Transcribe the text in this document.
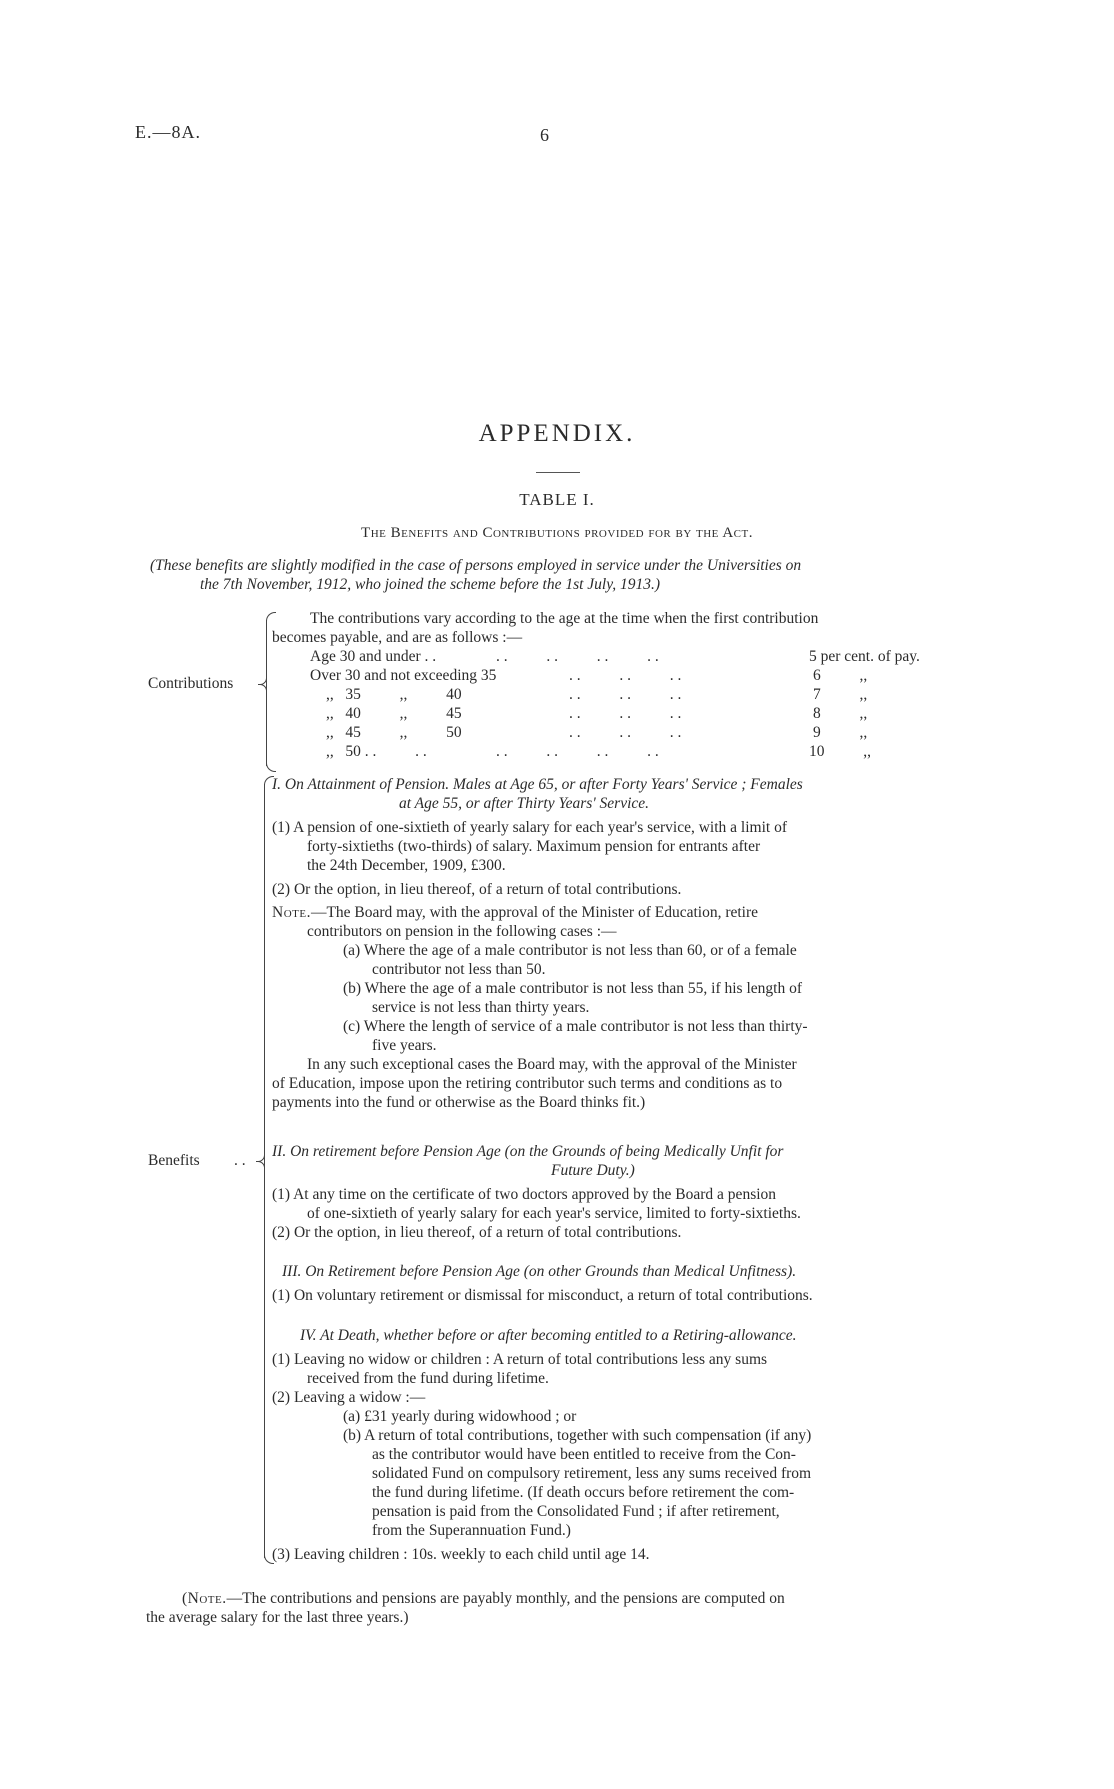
E.—8A.	6
APPENDIX.
TABLE I.
The Benefits and Contributions provided for by the Act.
(These benefits are slightly modified in the case of persons employed in service under the Universities on
the 7th November, 1912, who joined the scheme before the 1st July, 1913.)
Contributions
The contributions vary according to the age at the time when the first contribution
becomes payable, and are as follows :—
Age 30 and under . .	. .          . .          . .          . .	5 per cent. of pay.
Over 30 and not exceeding 35	. .          . .          . .	6          ,,
,,   35          ,,          40	. .          . .          . .	7          ,,
,,   40          ,,          45	. .          . .          . .	8          ,,
,,   45          ,,          50	. .          . .          . .	9          ,,
,,   50 . .          . .	. .          . .          . .          . .	10          ,,
Benefits . .
I. On Attainment of Pension. Males at Age 65, or after Forty Years' Service ; Females
at Age 55, or after Thirty Years' Service.
(1) A pension of one-sixtieth of yearly salary for each year's service, with a limit of
forty-sixtieths (two-thirds) of salary. Maximum pension for entrants after
the 24th December, 1909, £300.
(2) Or the option, in lieu thereof, of a return of total contributions.
Note.—The Board may, with the approval of the Minister of Education, retire
contributors on pension in the following cases :—
(a) Where the age of a male contributor is not less than 60, or of a female
contributor not less than 50.
(b) Where the age of a male contributor is not less than 55, if his length of
service is not less than thirty years.
(c) Where the length of service of a male contributor is not less than thirty-
five years.
In any such exceptional cases the Board may, with the approval of the Minister
of Education, impose upon the retiring contributor such terms and conditions as to
payments into the fund or otherwise as the Board thinks fit.)
II. On retirement before Pension Age (on the Grounds of being Medically Unfit for
Future Duty.)
(1) At any time on the certificate of two doctors approved by the Board a pension
of one-sixtieth of yearly salary for each year's service, limited to forty-sixtieths.
(2) Or the option, in lieu thereof, of a return of total contributions.
III. On Retirement before Pension Age (on other Grounds than Medical Unfitness).
(1) On voluntary retirement or dismissal for misconduct, a return of total contributions.
IV. At Death, whether before or after becoming entitled to a Retiring-allowance.
(1) Leaving no widow or children : A return of total contributions less any sums
received from the fund during lifetime.
(2) Leaving a widow :—
(a) £31 yearly during widowhood ; or
(b) A return of total contributions, together with such compensation (if any)
as the contributor would have been entitled to receive from the Con-
solidated Fund on compulsory retirement, less any sums received from
the fund during lifetime. (If death occurs before retirement the com-
pensation is paid from the Consolidated Fund ; if after retirement,
from the Superannuation Fund.)
(3) Leaving children : 10s. weekly to each child until age 14.
(Note.—The contributions and pensions are payably monthly, and the pensions are computed on
the average salary for the last three years.)
